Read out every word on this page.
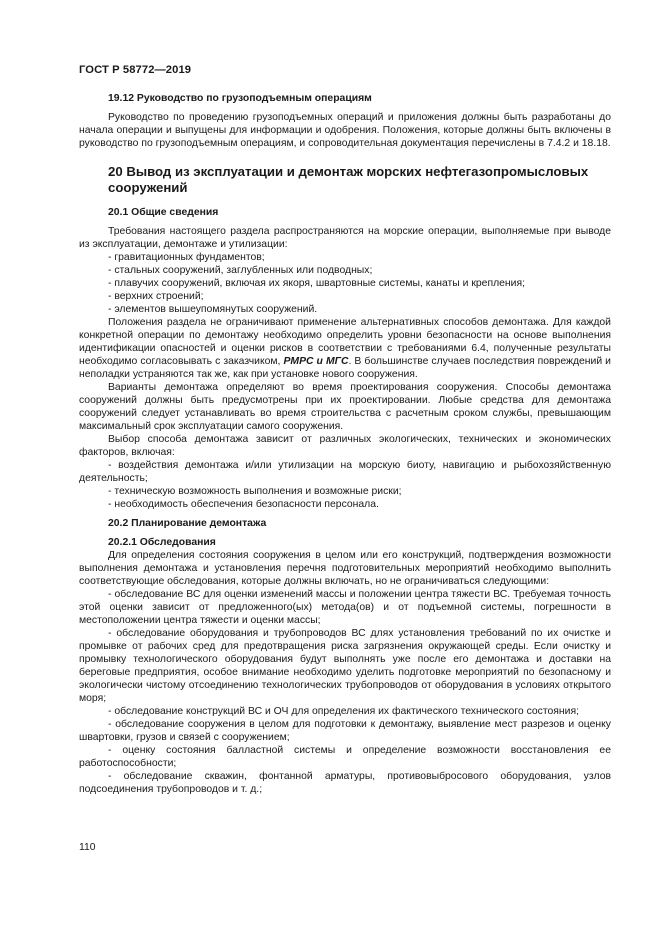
ГОСТ Р 58772—2019

19.12 Руководство по грузоподъемным операциям

Руководство по проведению грузоподъемных операций и приложения должны быть разработаны до начала операции и выпущены для информации и одобрения. Положения, которые должны быть включены в руководство по грузоподъемным операциям, и сопроводительная документация перечислены в 7.4.2 и 18.18.

20 Вывод из эксплуатации и демонтаж морских нефтегазопромысловых сооружений

20.1 Общие сведения

Требования настоящего раздела распространяются на морские операции, выполняемые при выводе из эксплуатации, демонтаже и утилизации:

- гравитационных фундаментов;

- стальных сооружений, заглубленных или подводных;

- плавучих сооружений, включая их якоря, швартовные системы, канаты и крепления;

- верхних строений;

- элементов вышеупомянутых сооружений.

Положения раздела не ограничивают применение альтернативных способов демонтажа. Для каждой конкретной операции по демонтажу необходимо определить уровни безопасности на основе выполнения идентификации опасностей и оценки рисков в соответствии с требованиями 6.4, полученные результаты необходимо согласовывать с заказчиком, РМРС и МГС. В большинстве случаев последствия повреждений и неполадки устраняются так же, как при установке нового сооружения.

Варианты демонтажа определяют во время проектирования сооружения. Способы демонтажа сооружений должны быть предусмотрены при их проектировании. Любые средства для демонтажа сооружений следует устанавливать во время строительства с расчетным сроком службы, превышающим максимальный срок эксплуатации самого сооружения.

Выбор способа демонтажа зависит от различных экологических, технических и экономических факторов, включая:

- воздействия демонтажа и/или утилизации на морскую биоту, навигацию и рыбохозяйственную деятельность;

- техническую возможность выполнения и возможные риски;

- необходимость обеспечения безопасности персонала.

20.2 Планирование демонтажа

20.2.1 Обследования

Для определения состояния сооружения в целом или его конструкций, подтверждения возможности выполнения демонтажа и установления перечня подготовительных мероприятий необходимо выполнить соответствующие обследования, которые должны включать, но не ограничиваться следующими:

- обследование ВС для оценки изменений массы и положении центра тяжести ВС. Требуемая точность этой оценки зависит от предложенного(ых) метода(ов) и от подъемной системы, погрешности в местоположении центра тяжести и оценки массы;

- обследование оборудования и трубопроводов ВС длях установления требований по их очистке и промывке от рабочих сред для предотвращения риска загрязнения окружающей среды. Если очистку и промывку технологического оборудования будут выполнять уже после его демонтажа и доставки на береговые предприятия, особое внимание необходимо уделить подготовке мероприятий по безопасному и экологически чистому отсоединению технологических трубопроводов от оборудования в условиях открытого моря;

- обследование конструкций ВС и ОЧ для определения их фактического технического состояния;

- обследование сооружения в целом для подготовки к демонтажу, выявление мест разрезов и оценку швартовки, грузов и связей с сооружением;

- оценку состояния балластной системы и определение возможности восстановления ее работоспособности;

- обследование скважин, фонтанной арматуры, противовыбросового оборудования, узлов подсоединения трубопроводов и т. д.;

110
